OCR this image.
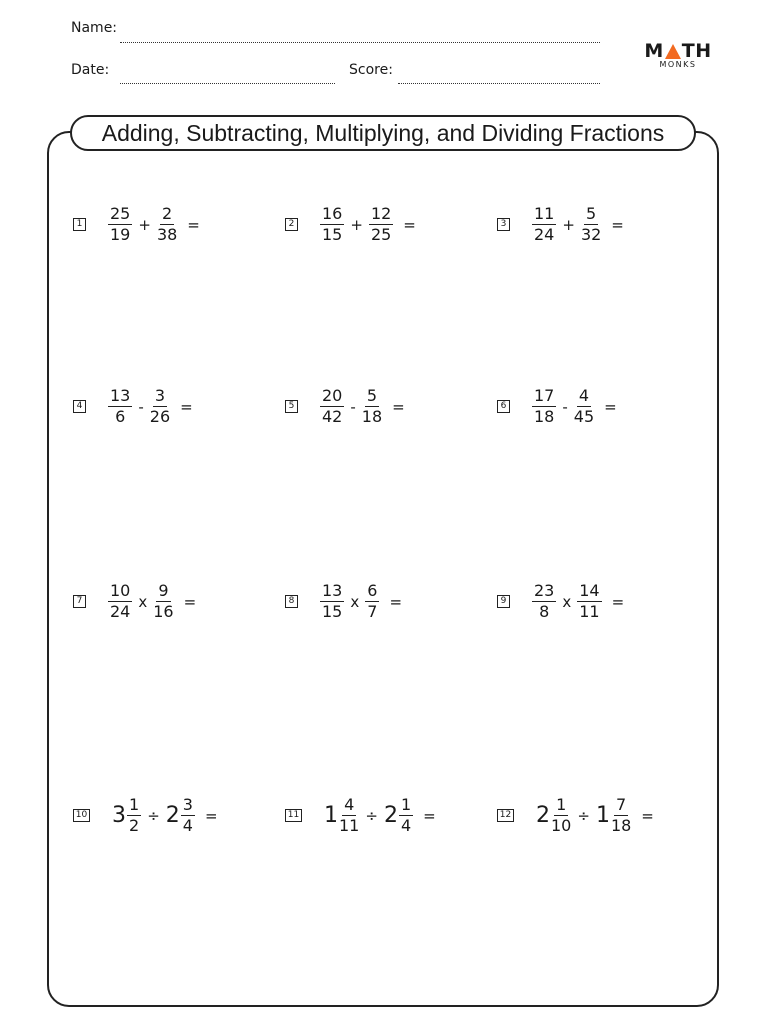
Name:
Date:	Score:
M TH
MONKS
Adding, Subtracting, Multiplying, and Dividing Fractions
$1 \frac{25}{19} + \frac{2}{38}$ =	$2 \frac{16}{15} + \frac{12}{25}$ =	$3 \frac{11}{24} + \frac{5}{32}$ =
$4 \frac{13}{6} - \frac{3}{26}$ =	$5 \frac{20}{42} - \frac{5}{18}$ =	$6 \frac{17}{18} - \frac{4}{45}$ =
$7 \frac{10}{24}$ x $\frac{9}{16}$ =	$8 \frac{13}{15}$ x $\frac{6}{7}$ =	$9 \frac{23}{8}$ x $\frac{14}{11}$ =
10 $3 \frac{1}{2} \div 2 \frac{3}{4}$ =	11 $1 \frac{4}{11} \div 2 \frac{1}{4}$ =	12 $2 \frac{1}{10} \div 1 \frac{7}{18}$ =
